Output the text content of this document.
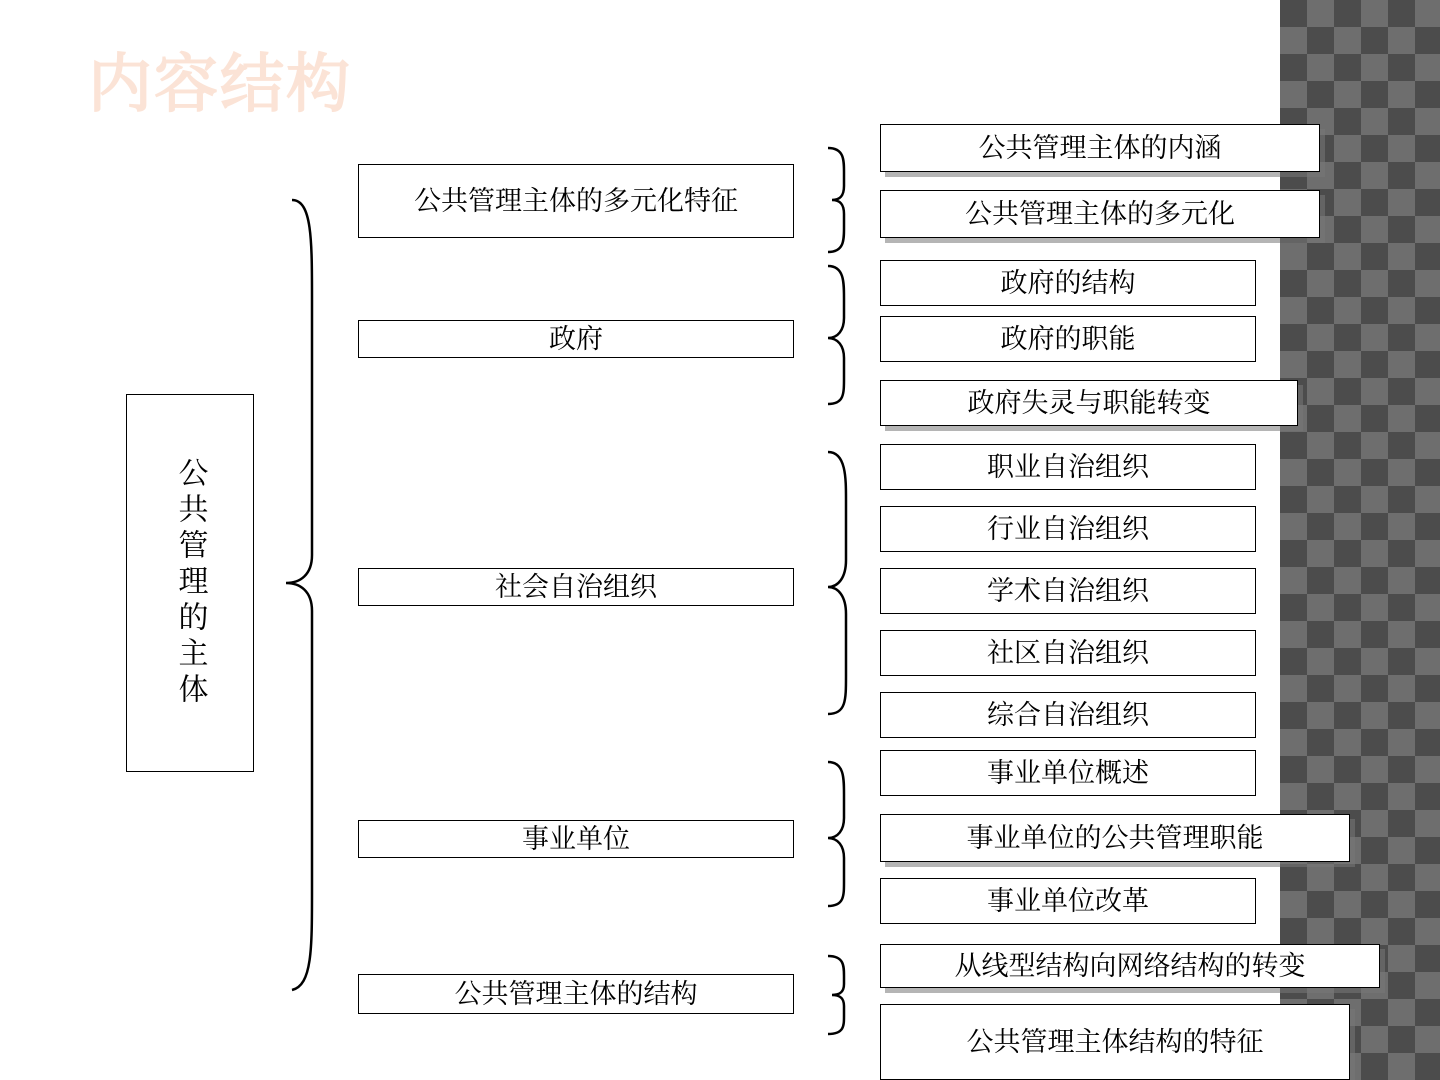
内容结构
公共管理的主体
公共管理主体的多元化特征
政府
社会自治组织
事业单位
公共管理主体的结构
公共管理主体的内涵
公共管理主体的多元化
政府的结构
政府的职能
政府失灵与职能转变
职业自治组织
行业自治组织
学术自治组织
社区自治组织
综合自治组织
事业单位概述
事业单位的公共管理职能
事业单位改革
从线型结构向网络结构的转变
公共管理主体结构的特征
